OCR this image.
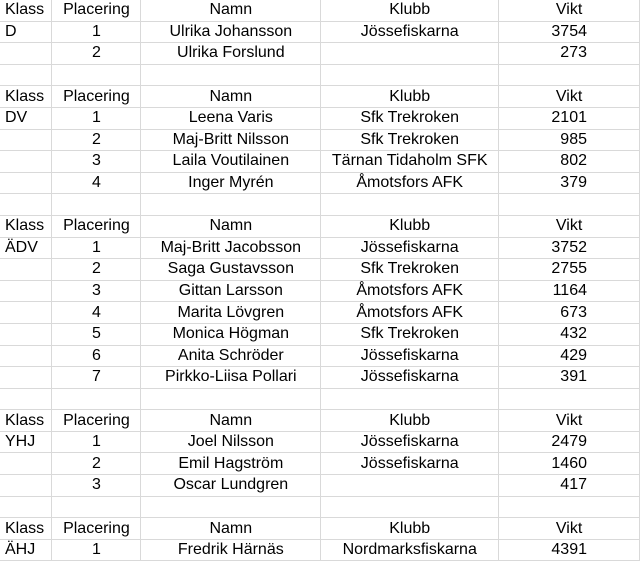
Klass	Placering	Namn	Klubb	Vikt
D	1	Ulrika Johansson	Jössefiskarna	3754
	2	Ulrika Forslund		273

Klass	Placering	Namn	Klubb	Vikt
DV	1	Leena Varis	Sfk Trekroken	2101
	2	Maj-Britt Nilsson	Sfk Trekroken	985
	3	Laila Voutilainen	Tärnan Tidaholm SFK	802
	4	Inger Myrén	Åmotsfors AFK	379

Klass	Placering	Namn	Klubb	Vikt
ÄDV	1	Maj-Britt Jacobsson	Jössefiskarna	3752
	2	Saga Gustavsson	Sfk Trekroken	2755
	3	Gittan Larsson	Åmotsfors AFK	1164
	4	Marita Lövgren	Åmotsfors AFK	673
	5	Monica Högman	Sfk Trekroken	432
	6	Anita Schröder	Jössefiskarna	429
	7	Pirkko-Liisa Pollari	Jössefiskarna	391

Klass	Placering	Namn	Klubb	Vikt
YHJ	1	Joel Nilsson	Jössefiskarna	2479
	2	Emil Hagström	Jössefiskarna	1460
	3	Oscar Lundgren		417

Klass	Placering	Namn	Klubb	Vikt
ÄHJ	1	Fredrik Härnäs	Nordmarksfiskarna	4391
